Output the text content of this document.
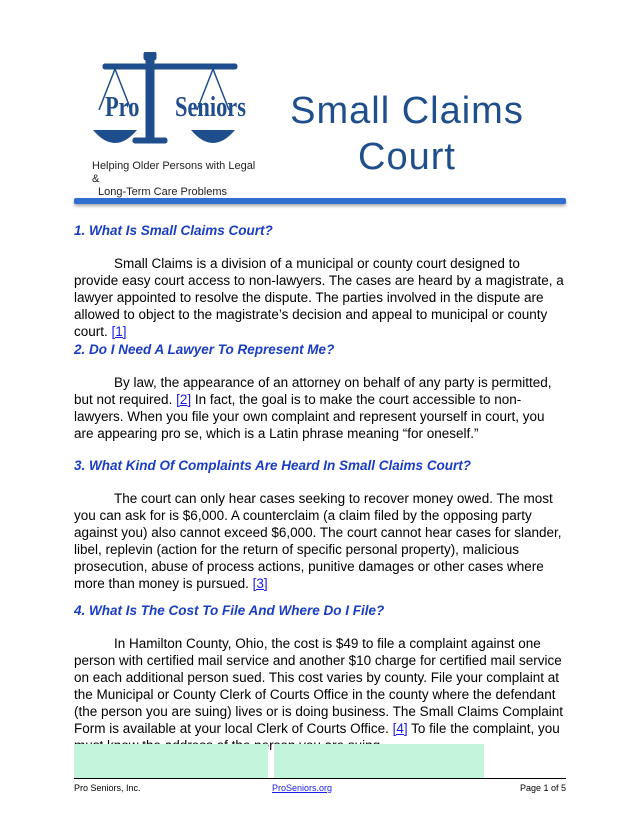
Pro Seniors
Helping Older Persons with Legal &
Long-Term Care Problems
Small Claims
Court
1. What Is Small Claims Court?

Small Claims is a division of a municipal or county court designed to provide easy court access to non-lawyers. The cases are heard by a magistrate, a lawyer appointed to resolve the dispute. The parties involved in the dispute are allowed to object to the magistrate’s decision and appeal to municipal or county court. [1]

2. Do I Need A Lawyer To Represent Me?

By law, the appearance of an attorney on behalf of any party is permitted, but not required. [2] In fact, the goal is to make the court accessible to non-lawyers. When you file your own complaint and represent yourself in court, you are appearing pro se, which is a Latin phrase meaning “for oneself.”

3. What Kind Of Complaints Are Heard In Small Claims Court?

The court can only hear cases seeking to recover money owed. The most you can ask for is $6,000. A counterclaim (a claim filed by the opposing party against you) also cannot exceed $6,000. The court cannot hear cases for slander, libel, replevin (action for the return of specific personal property), malicious prosecution, abuse of process actions, punitive damages or other cases where more than money is pursued. [3]

4. What Is The Cost To File And Where Do I File?

In Hamilton County, Ohio, the cost is $49 to file a complaint against one person with certified mail service and another $10 charge for certified mail service on each additional person sued. This cost varies by county. File your complaint at the Municipal or County Clerk of Courts Office in the county where the defendant (the person you are suing) lives or is doing business. The Small Claims Complaint Form is available at your local Clerk of Courts Office. [4] To file the complaint, you

Pro Seniors, Inc.	ProSeniors.org	Page 1 of 5
